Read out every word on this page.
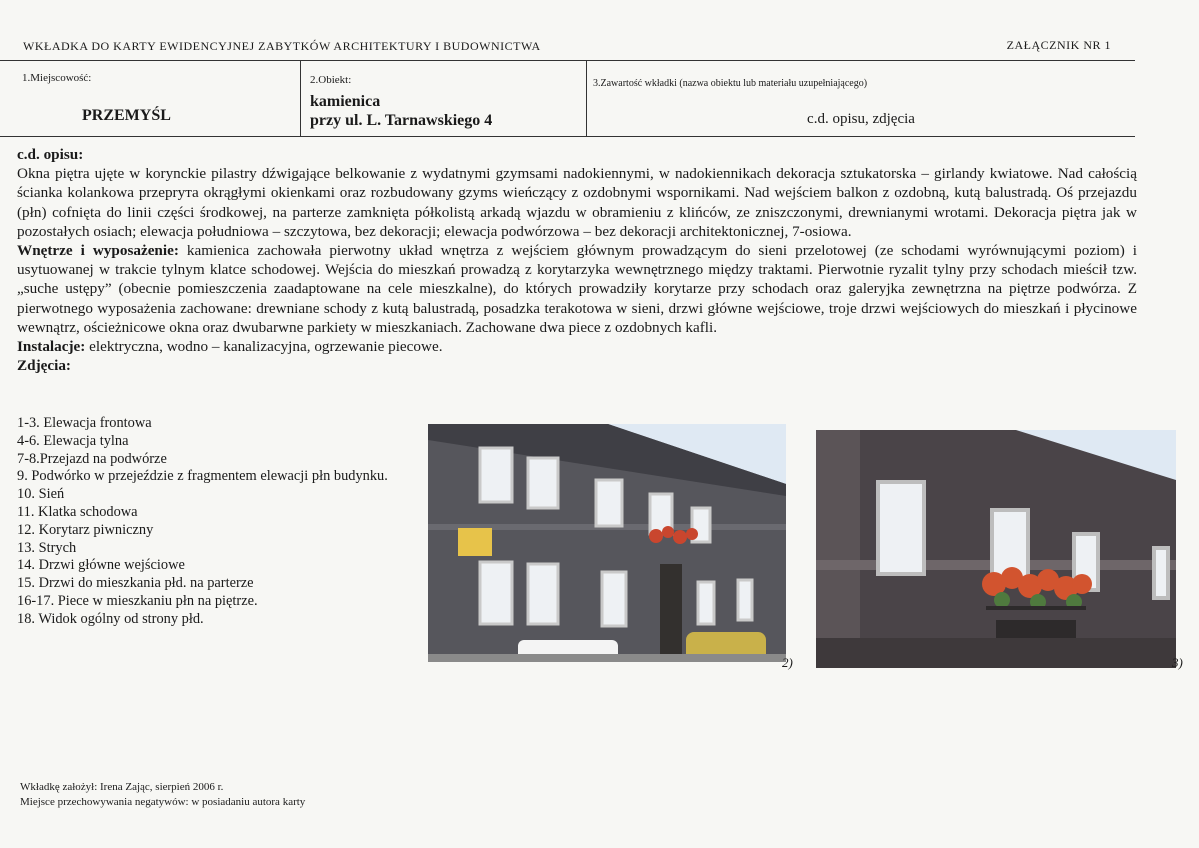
WKŁADKA DO KARTY EWIDENCYJNEJ ZABYTKÓW ARCHITEKTURY I BUDOWNICTWA	ZAŁĄCZNIK NR 1
1.Miejscowość:
PRZEMYŚL
2.Obiekt:
kamienica
przy ul. L. Tarnawskiego 4
3.Zawartość wkładki (nazwa obiektu lub materiału uzupełniającego)
c.d. opisu, zdjęcia

c.d. opisu:

Okna piętra ujęte w korynckie pilastry dźwigające belkowanie z wydatnymi gzymsami nadokiennymi, w nadokiennikach dekoracja sztukatorska – girlandy kwiatowe. Nad całością ścianka kolankowa przeprута okrągłymi okienkami oraz rozbudowany gzyms wieńczący z ozdobnymi wspornikami. Nad wejściem balkon z ozdobną, kutą balustradą. Oś przejazdu (płn) cofnięta do linii części środkowej, na parterze zamknięta półkolistą arkadą wjazdu w obramieniu z klińców, ze zniszczonymi, drewnianymi wrotami. Dekoracja piętra jak w pozostałych osiach; elewacja południowa – szczytowa, bez dekoracji; elewacja podwórzowa – bez dekoracji architektonicznej, 7-osiowa.

Wnętrze i wyposażenie: kamienica zachowała pierwotny układ wnętrza z wejściem głównym prowadzącym do sieni przelotowej (ze schodami wyrównującymi poziom) i usytuowanej w trakcie tylnym klatce schodowej. Wejścia do mieszkań prowadzą z korytarzyka wewnętrznego między traktami. Pierwotnie ryzalit tylny przy schodach mieścił tzw. „suche ustępy” (obecnie pomieszczenia zaadaptowane na cele mieszkalne), do których prowadziły korytarze przy schodach oraz galeryjka zewnętrzna na piętrze podwórza. Z pierwotnego wyposażenia zachowane: drewniane schody z kutą balustradą, posadzka terakotowa w sieni, drzwi główne wejściowe, troje drzwi wejściowych do mieszkań i płycinowe wewnątrz, ościeżnicowe okna oraz dwubarwne parkiety w mieszkaniach. Zachowane dwa piece z ozdobnych kafli.

Instalacje: elektryczna, wodno – kanalizacyjna, ogrzewanie piecowe.

Zdjęcia:

1-3. Elewacja frontowa
4-6. Elewacja tylna
7-8.Przejazd na podwórze
9. Podwórko w przejeździe z fragmentem elewacji płn budynku.
10. Sień
11. Klatka schodowa
12. Korytarz piwniczny
13. Strych
14. Drzwi główne wejściowe
15. Drzwi do mieszkania płd. na parterze
16-17. Piece w mieszkaniu płn na piętrze.
18. Widok ogólny od strony płd.
2)	3)
Wkładkę założył: Irena Zając, sierpień 2006 r.
Miejsce przechowywania negatywów: w posiadaniu autora karty
